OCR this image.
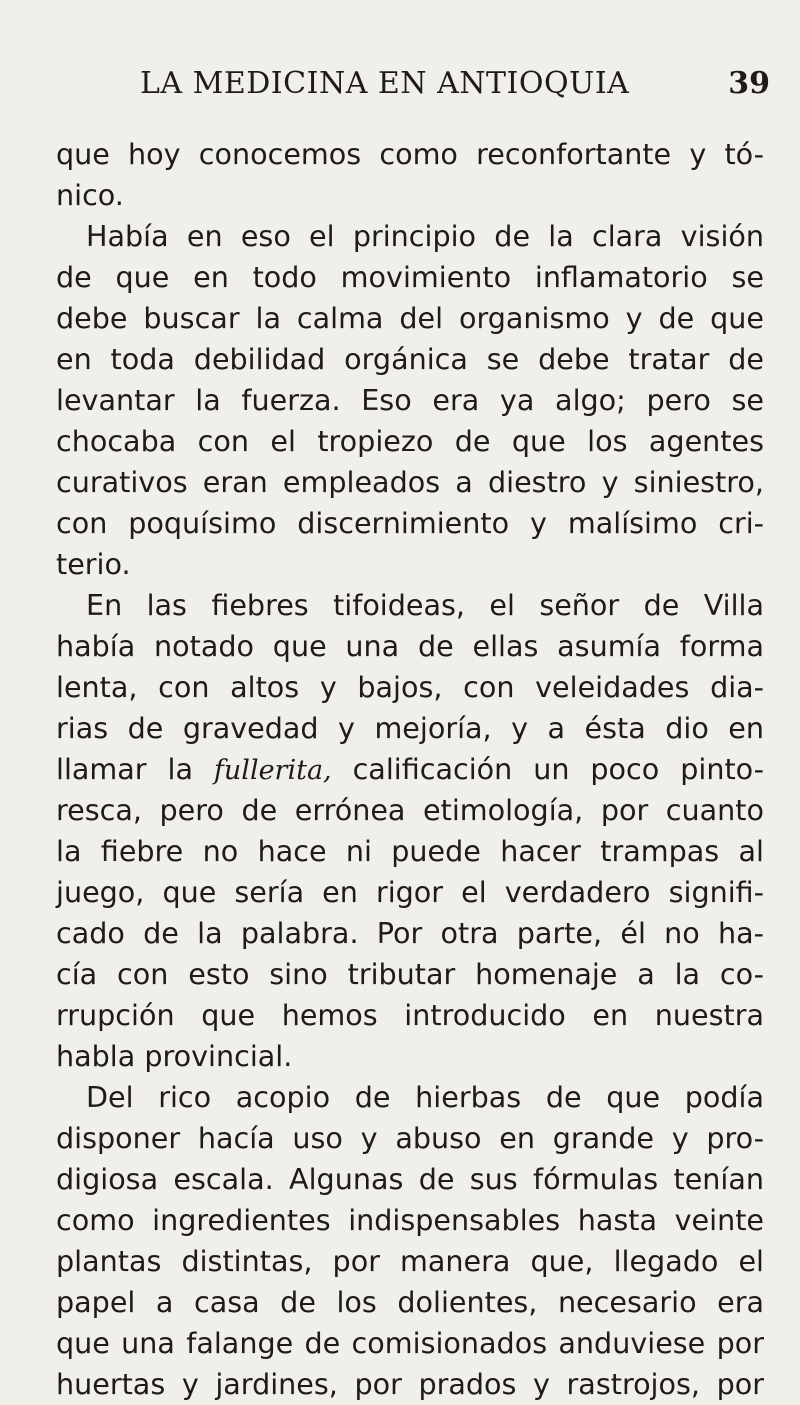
LA MEDICINA EN ANTIOQUIA	39
que hoy conocemos como reconfortante y tó-
nico.
Había en eso el principio de la clara visión
de que en todo movimiento inflamatorio se
debe buscar la calma del organismo y de que
en toda debilidad orgánica se debe tratar de
levantar la fuerza. Eso era ya algo; pero se
chocaba con el tropiezo de que los agentes
curativos eran empleados a diestro y siniestro,
con poquísimo discernimiento y malísimo cri-
terio.
En las fiebres tifoideas, el señor de Villa
había notado que una de ellas asumía forma
lenta, con altos y bajos, con veleidades dia-
rias de gravedad y mejoría, y a ésta dio en
llamar la fullerita, calificación un poco pinto-
resca, pero de errónea etimología, por cuanto
la fiebre no hace ni puede hacer trampas al
juego, que sería en rigor el verdadero signifi-
cado de la palabra. Por otra parte, él no ha-
cía con esto sino tributar homenaje a la co-
rrupción que hemos introducido en nuestra
habla provincial.
Del rico acopio de hierbas de que podía
disponer hacía uso y abuso en grande y pro-
digiosa escala. Algunas de sus fórmulas tenían
como ingredientes indispensables hasta veinte
plantas distintas, por manera que, llegado el
papel a casa de los dolientes, necesario era
que una falange de comisionados anduviese por
huertas y jardines, por prados y rastrojos, por
